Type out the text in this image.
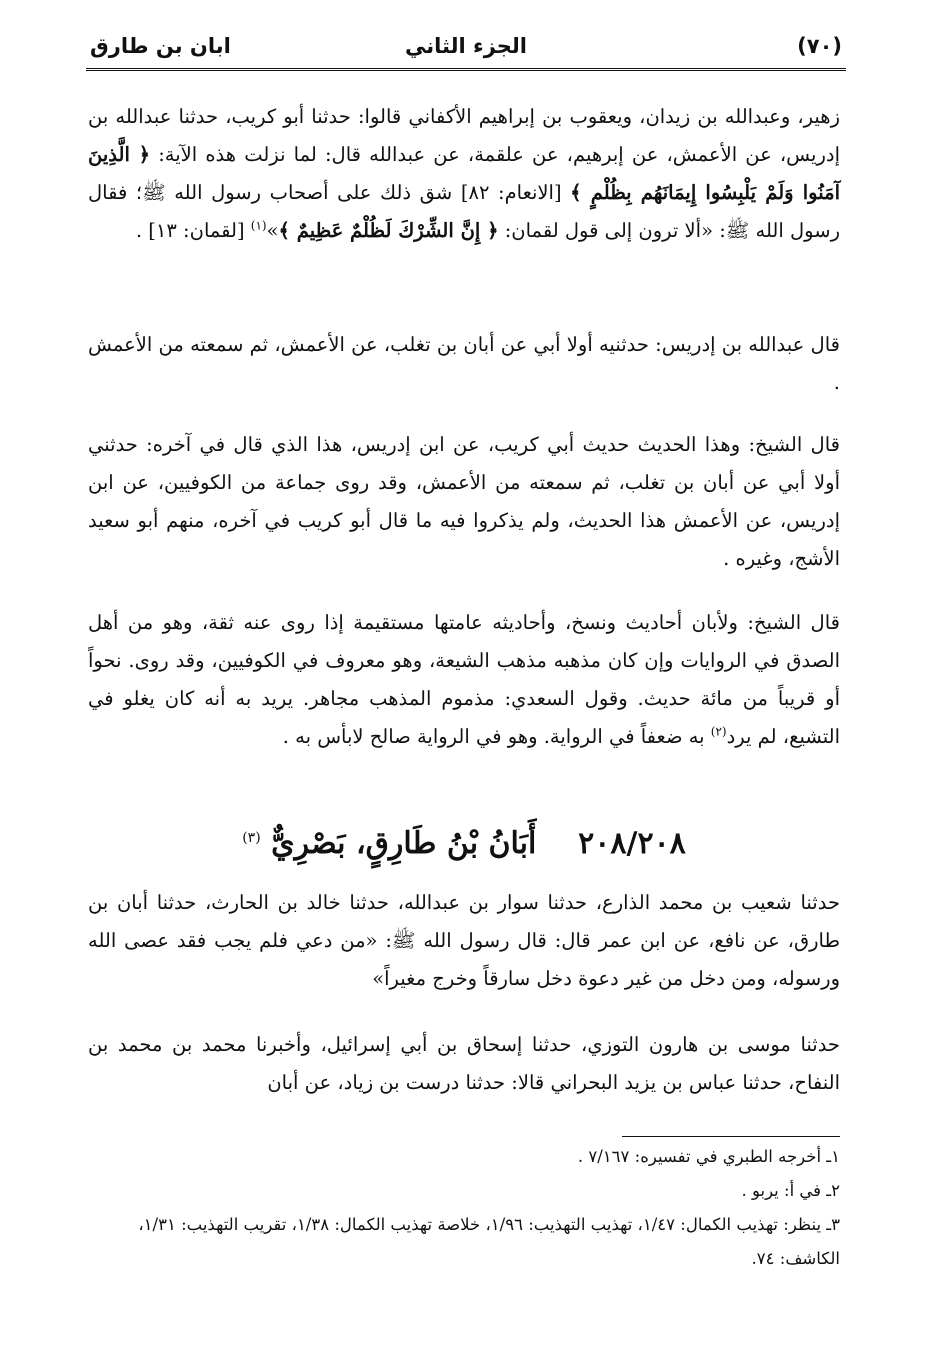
ابان بن طارق	الجزء الثاني	(٧٠)
زهير، وعبدالله بن زيدان، ويعقوب بن إبراهيم الأكفاني قالوا: حدثنا أبو كريب، حدثنا عبدالله بن إدريس، عن الأعمش، عن إبرهيم، عن علقمة، عن عبدالله قال: لما نزلت هذه الآية: ﴿ الَّذِينَ آمَنُوا وَلَمْ يَلْبِسُوا إِيمَانَهُم بِظُلْمٍ ﴾ [الانعام: ٨٢] شق ذلك على أصحاب رسول الله ﷺ؛ فقال رسول الله ﷺ: «ألا ترون إلى قول لقمان: ﴿ إِنَّ الشِّرْكَ لَظُلْمٌ عَظِيمٌ ﴾»$^{(١)}$ [لقمان: ١٣] .
قال عبدالله بن إدريس: حدثنيه أولا أبي عن أبان بن تغلب، عن الأعمش، ثم سمعته من الأعمش .
قال الشيخ: وهذا الحديث حديث أبي كريب، عن ابن إدريس، هذا الذي قال في آخره: حدثني أولا أبي عن أبان بن تغلب، ثم سمعته من الأعمش، وقد روى جماعة من الكوفيين، عن ابن إدريس، عن الأعمش هذا الحديث، ولم يذكروا فيه ما قال أبو كريب في آخره، منهم أبو سعيد الأشج، وغيره .
قال الشيخ: ولأبان أحاديث ونسخ، وأحاديثه عامتها مستقيمة إذا روى عنه ثقة، وهو من أهل الصدق في الروايات وإن كان مذهبه مذهب الشيعة، وهو معروف في الكوفيين، وقد روى. نحواً أو قريباً من مائة حديث. وقول السعدي: مذموم المذهب مجاهر. يريد به أنه كان يغلو في التشيع، لم يرد$^{(٢)}$ به ضعفاً في الرواية. وهو في الرواية صالح لابأس به .
٢٠٨/٢٠٨    أَبَانُ بْنُ طَارِقٍ، بَصْرِيٌّ $^{(٣)}$
حدثنا شعيب بن محمد الذارع، حدثنا سوار بن عبدالله، حدثنا خالد بن الحارث، حدثنا أبان بن طارق، عن نافع، عن ابن عمر قال: قال رسول الله ﷺ: «من دعي فلم يجب فقد عصى الله ورسوله، ومن دخل من غير دعوة دخل سارقاً وخرج مغيراً»
حدثنا موسى بن هارون التوزي، حدثنا إسحاق بن أبي إسرائيل، وأخبرنا محمد بن محمد بن النفاح، حدثنا عباس بن يزيد البحراني قالا: حدثنا درست بن زياد، عن أبان
١ـ أخرجه الطبري في تفسيره: ٧/١٦٧ .
٢ـ في أ: يربو .
٣ـ ينظر: تهذيب الكمال: ١/٤٧، تهذيب التهذيب: ١/٩٦، خلاصة تهذيب الكمال: ١/٣٨، تقريب التهذيب: ١/٣١، الكاشف: ٧٤.
